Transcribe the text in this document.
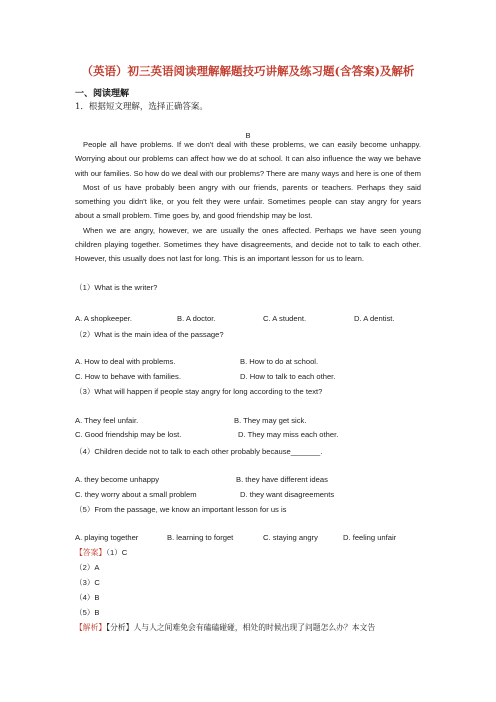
（英语）初三英语阅读理解解题技巧讲解及练习题(含答案)及解析
一、阅读理解
1．根据短文理解，选择正确答案。
B

People all have problems. If we don't deal with these problems, we can easily become unhappy. Worrying about our problems can affect how we do at school. It can also influence the way we behave with our families. So how do we deal with our problems? There are many ways and here is one of them

Most of us have probably been angry with our friends, parents or teachers. Perhaps they said something you didn't like, or you felt they were unfair. Sometimes people can stay angry for years about a small problem. Time goes by, and good friendship may be lost.

When we are angry, however, we are usually the ones affected. Perhaps we have seen young children playing together. Sometimes they have disagreements, and decide not to talk to each other. However, this usually does not last for long. This is an important lesson for us to learn.

（1）What is the writer?
A. A shopkeeper.	B. A doctor.	C. A student.	D. A dentist.
（2）What is the main idea of the passage?
A. How to deal with problems.	B. How to do at school.
C. How to behave with families.	D. How to talk to each other.
（3）What will happen if people stay angry for long according to the text?
A. They feel unfair.	B. They may get sick.
C. Good friendship may be lost.	D. They may miss each other.
（4）Children decide not to talk to each other probably because_______.
A. they become unhappy	B. they have different ideas
C. they worry about a small problem	D. they want disagreements
（5）From the passage, we know an important lesson for us is
A. playing together	B. learning to forget	C. staying angry	D. feeling unfair
【答案】（1）C
（2）A
（3）C
（4）B
（5）B
【解析】【分析】人与人之间难免会有磕磕碰碰，相处的时候出现了问题怎么办？本文告
